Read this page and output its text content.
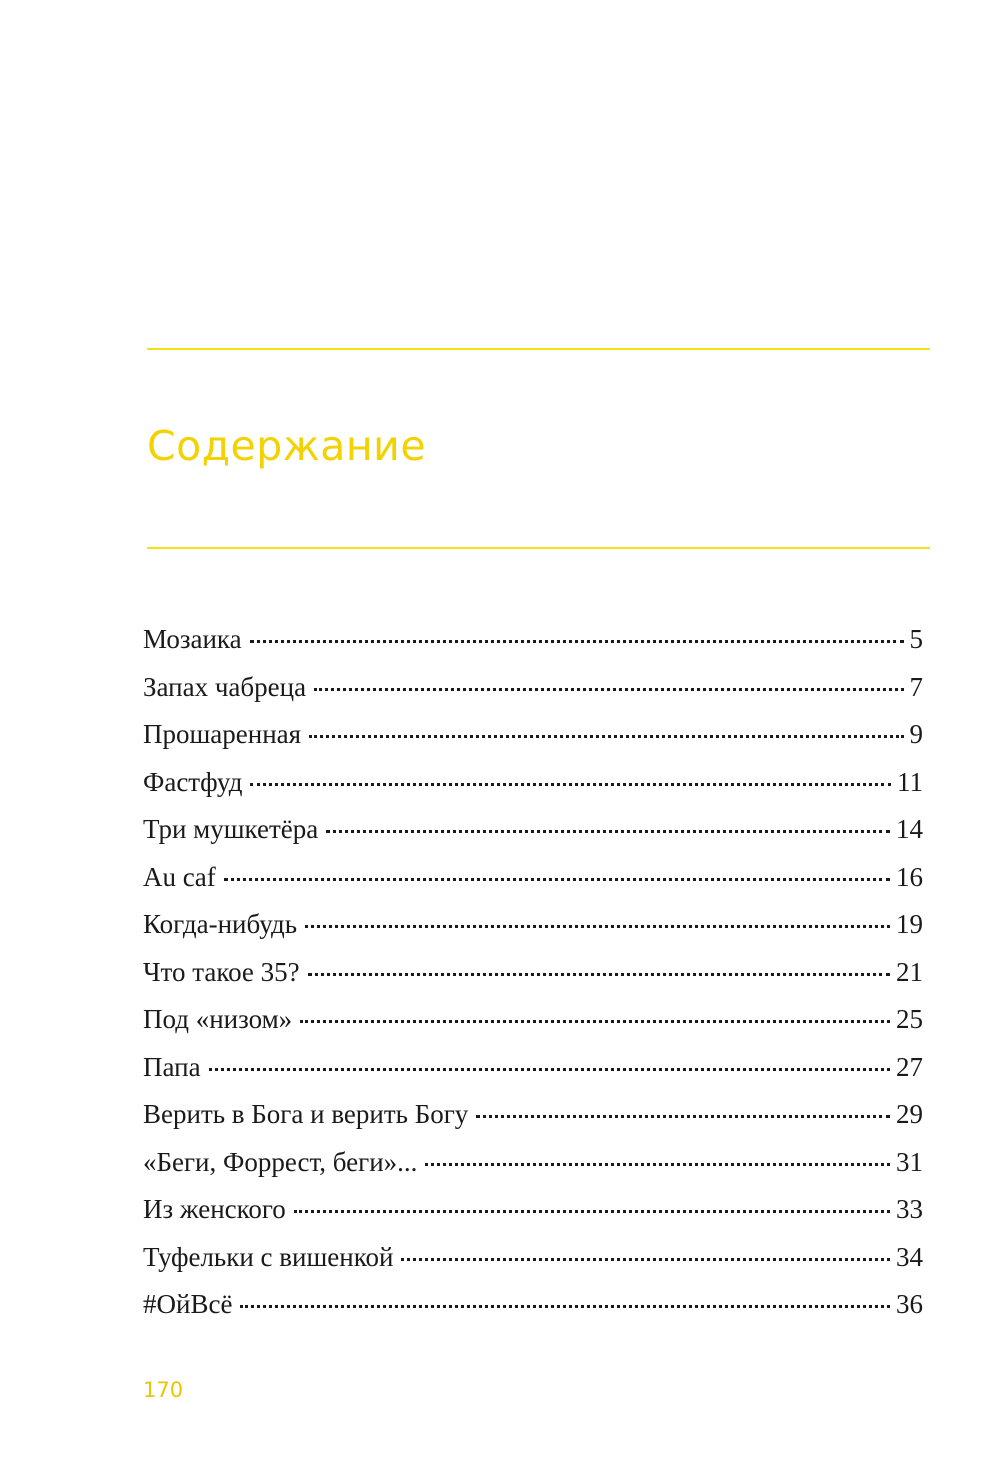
Содержание
Мозаика	5
Запах чабреца	7
Прошаренная	9
Фастфуд	11
Три мушкетёра	14
Au caf	16
Когда-нибудь	19
Что такое 35?	21
Под «низом»	25
Папа	27
Верить в Бога и верить Богу	29
«Беги, Форрест, беги»...	31
Из женского	33
Туфельки с вишенкой	34
#ОйВсё	36
170
